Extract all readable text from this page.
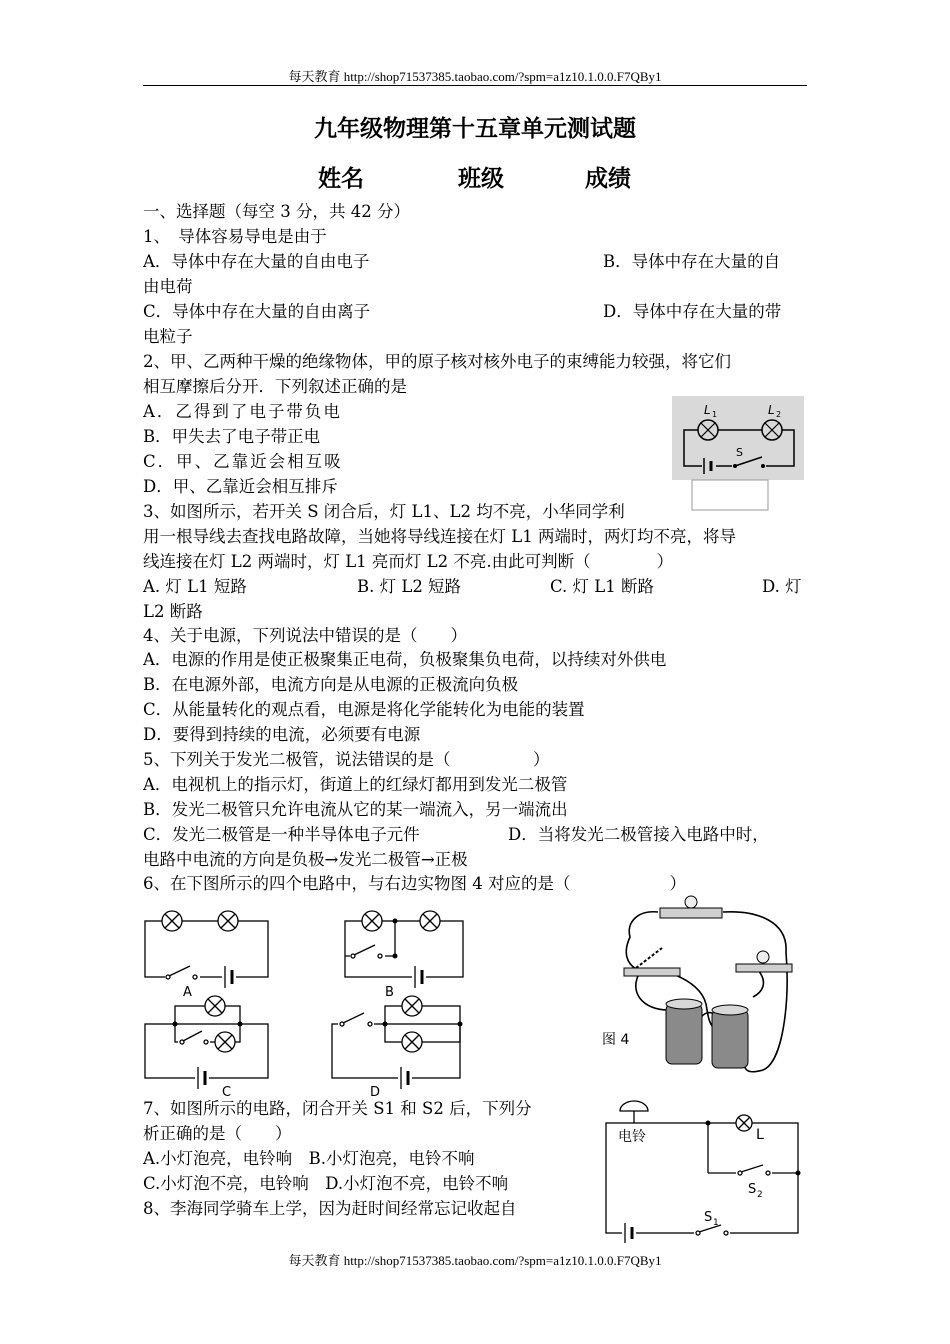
每天教育 http://shop71537385.taobao.com/?spm=a1z10.1.0.0.F7QBy1
九年级物理第十五章单元测试题
姓名	班级	成绩
一、选择题（每空 3 分，共 42 分）
1、　导体容易导电是由于
A．导体中存在大量的自由电子	B．导体中存在大量的自
由电荷
C．导体中存在大量的自由离子	D．导体中存在大量的带
电粒子
2、甲、乙两种干燥的绝缘物体，甲的原子核对核外电子的束缚能力较强，将它们
相互摩擦后分开．下列叙述正确的是
A．乙得到了电子带负电
B．甲失去了电子带正电
C．甲、乙靠近会相互吸
D．甲、乙靠近会相互排斥
3、如图所示，若开关 S 闭合后，灯 L1、L2 均不亮，小华同学利
用一根导线去查找电路故障，当她将导线连接在灯 L1 两端时，两灯均不亮，将导
线连接在灯 L2 两端时，灯 L1 亮而灯 L2 不亮.由此可判断（　　　　）
A. 灯 L1 短路	B. 灯 L2 短路	C. 灯 L1 断路	D. 灯
L2 断路
4、关于电源，下列说法中错误的是（　　）
A．电源的作用是使正极聚集正电荷，负极聚集负电荷，以持续对外供电
B．在电源外部，电流方向是从电源的正极流向负极
C．从能量转化的观点看，电源是将化学能转化为电能的装置
D．要得到持续的电流，必须要有电源
5、下列关于发光二极管，说法错误的是（　　　　　）
A．电视机上的指示灯，街道上的红绿灯都用到发光二极管
B．发光二极管只允许电流从它的某一端流入，另一端流出
C．发光二极管是一种半导体电子元件	D．当将发光二极管接入电路中时，
电路中电流的方向是负极→发光二极管→正极
6、在下图所示的四个电路中，与右边实物图 4 对应的是（　　　　　　）
7、如图所示的电路，闭合开关 S1 和 S2 后，下列分
析正确的是（　　）
A.小灯泡亮，电铃响　B.小灯泡亮，电铃不响
C.小灯泡不亮，电铃响　D.小灯泡不亮，电铃不响
8、李海同学骑车上学，因为赶时间经常忘记收起自
L 1	L 2
S
A	B
C	D
图 4
电铃	L
S 2
S 1
每天教育 http://shop71537385.taobao.com/?spm=a1z10.1.0.0.F7QBy1
